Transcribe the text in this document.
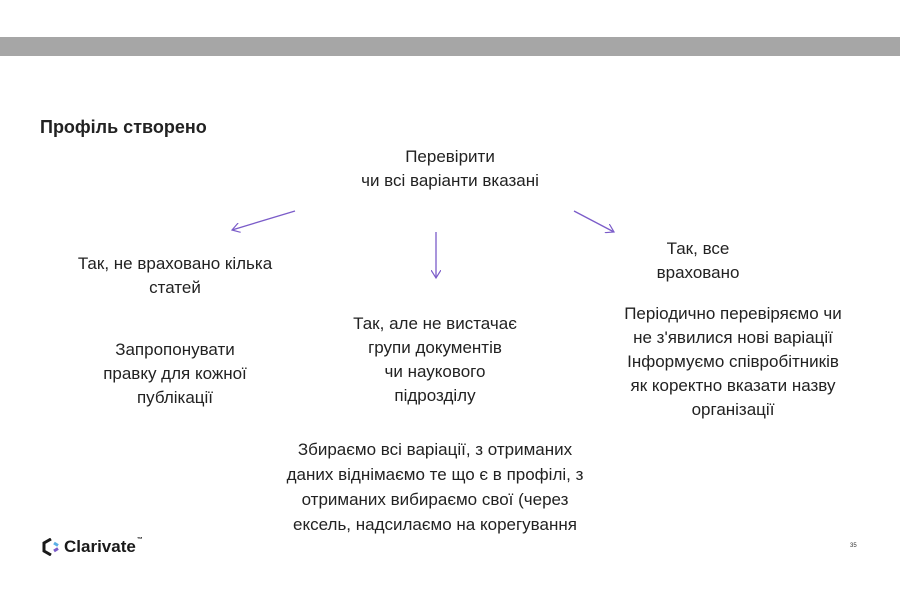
Профіль створено
Перевірити
чи всі варіанти вказані
Так, не враховано кілька
статей
Запропонувати
правку для кожної
публікації
Так, але не вистачає
групи документів
чи наукового
підрозділу
Збираємо всі варіації, з отриманих
даних віднімаємо те що є в профілі, з
отриманих вибираємо свої (через
ексель, надсилаємо на корегування
Так, все
враховано
Періодично перевіряємо чи
не з'явилися нові варіації
Інформуємо співробітників
як коректно вказати назву
організації
Clarivate™
35
